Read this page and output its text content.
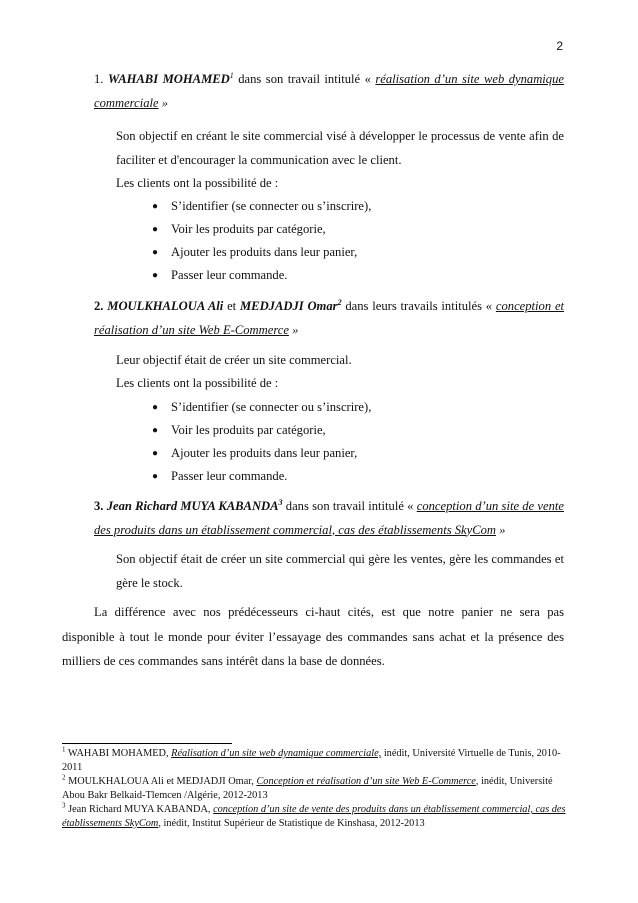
2
1. WAHABI MOHAMED$^1$ dans son travail intitulé « réalisation d’un site web dynamique commerciale »
Son objectif en créant le site commercial visé à développer le processus de vente afin de faciliter et d'encourager la communication avec le client.
Les clients ont la possibilité de :
● S’identifier (se connecter ou s’inscrire),
● Voir les produits par catégorie,
● Ajouter les produits dans leur panier,
● Passer leur commande.
2. MOULKHALOUA Ali et MEDJADJI Omar$^2$ dans leurs travails intitulés « conception et réalisation d’un site Web E-Commerce »
Leur objectif était de créer un site commercial.
Les clients ont la possibilité de :
● S’identifier (se connecter ou s’inscrire),
● Voir les produits par catégorie,
● Ajouter les produits dans leur panier,
● Passer leur commande.
3. Jean Richard MUYA KABANDA$^3$ dans son travail intitulé « conception d’un site de vente des produits dans un établissement commercial, cas des établissements SkyCom »
Son objectif était de créer un site commercial qui gère les ventes, gère les commandes et gère le stock.
La différence avec nos prédécesseurs ci-haut cités, est que notre panier ne sera pas disponible à tout le monde pour éviter l’essayage des commandes sans achat et la présence des milliers de ces commandes sans intérêt dans la base de données.
$^1$ WAHABI MOHAMED, Réalisation d’un site web dynamique commerciale, inédit, Université Virtuelle de Tunis, 2010-2011
$^2$ MOULKHALOUA Ali et MEDJADJI Omar, Conception et réalisation d’un site Web E-Commerce, inédit, Université Abou Bakr Belkaid-Tlemcen /Algérie, 2012-2013
$^3$ Jean Richard MUYA KABANDA, conception d’un site de vente des produits dans un établissement commercial, cas des établissements SkyCom, inédit, Institut Supérieur de Statistique de Kinshasa, 2012-2013
